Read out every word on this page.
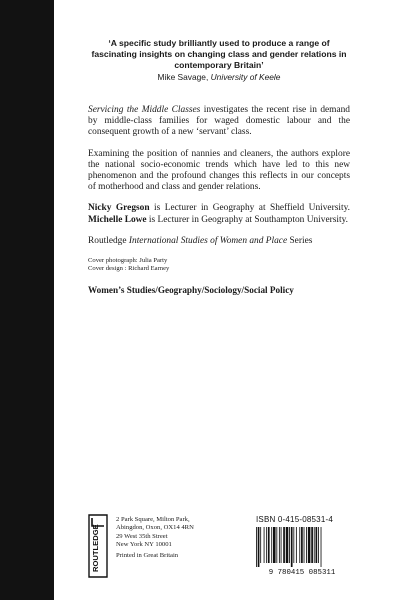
‘A specific study brilliantly used to produce a range of fascinating insights on changing class and gender relations in contemporary Britain’

Mike Savage, University of Keele

Servicing the Middle Classes investigates the recent rise in demand by middle-class families for waged domestic labour and the consequent growth of a new ‘servant’ class.

Examining the position of nannies and cleaners, the authors explore the national socio-economic trends which have led to this new phenomenon and the profound changes this reflects in our concepts of motherhood and class and gender relations.

Nicky Gregson is Lecturer in Geography at Sheffield University. Michelle Lowe is Lecturer in Geography at Southampton University.

Routledge International Studies of Women and Place Series

Cover photograph: Julia Party
Cover design : Richard Earney

Women’s Studies/Geography/Sociology/Social Policy

ROUTLEDGE
2 Park Square, Milton Park,
Abingdon, Oxon, OX14 4RN
29 West 35th Street
New York NY 10001
Printed in Great Britain
ISBN 0-415-08531-4
9 780415 085311
